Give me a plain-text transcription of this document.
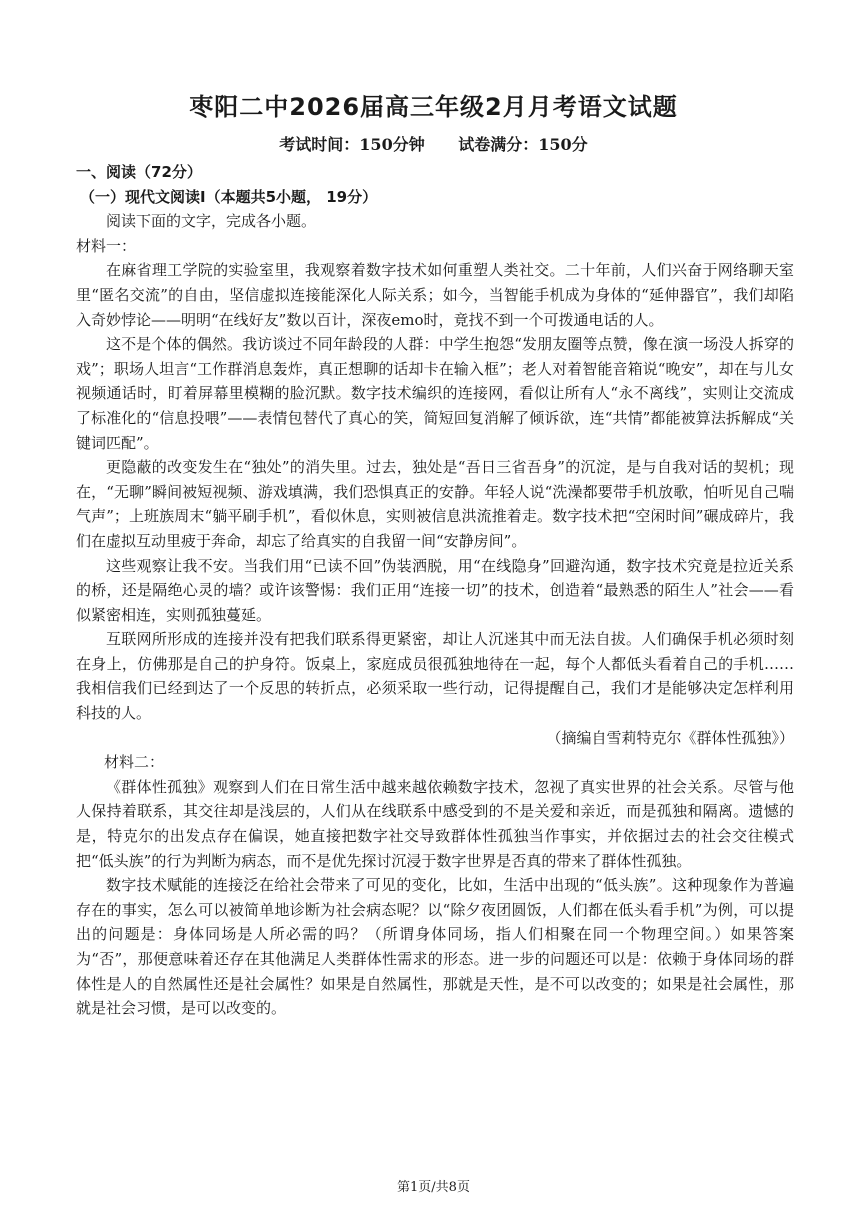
枣阳二中2026届高三年级2月月考语文试题
考试时间：150分钟 试卷满分：150分
一、阅读（72分）
（一）现代文阅读Ⅰ（本题共5小题， 19分）
阅读下面的文字，完成各小题。
材料一：

在麻省理工学院的实验室里，我观察着数字技术如何重塑人类社交。二十年前，人们兴奋于网络聊天室里“匿名交流”的自由，坚信虚拟连接能深化人际关系；如今，当智能手机成为身体的“延伸器官”，我们却陷入奇妙悖论——明明“在线好友”数以百计，深夜emo时，竟找不到一个可拨通电话的人。

这不是个体的偶然。我访谈过不同年龄段的人群：中学生抱怨“发朋友圈等点赞，像在演一场没人拆穿的戏”；职场人坦言“工作群消息轰炸，真正想聊的话却卡在输入框”；老人对着智能音箱说“晚安”，却在与儿女视频通话时，盯着屏幕里模糊的脸沉默。数字技术编织的连接网，看似让所有人“永不离线”，实则让交流成了标准化的“信息投喂”——表情包替代了真心的笑，简短回复消解了倾诉欲，连“共情”都能被算法拆解成“关键词匹配”。

更隐蔽的改变发生在“独处”的消失里。过去，独处是“吾日三省吾身”的沉淀，是与自我对话的契机；现在，“无聊”瞬间被短视频、游戏填满，我们恐惧真正的安静。年轻人说“洗澡都要带手机放歌，怕听见自己喘气声”；上班族周末“躺平刷手机”，看似休息，实则被信息洪流推着走。数字技术把“空闲时间”碾成碎片，我们在虚拟互动里疲于奔命，却忘了给真实的自我留一间“安静房间”。

这些观察让我不安。当我们用“已读不回”伪装洒脱，用“在线隐身”回避沟通，数字技术究竟是拉近关系的桥，还是隔绝心灵的墙？或许该警惕：我们正用“连接一切”的技术，创造着“最熟悉的陌生人”社会——看似紧密相连，实则孤独蔓延。

互联网所形成的连接并没有把我们联系得更紧密，却让人沉迷其中而无法自拔。人们确保手机必须时刻在身上，仿佛那是自己的护身符。饭桌上，家庭成员很孤独地待在一起，每个人都低头看着自己的手机……我相信我们已经到达了一个反思的转折点，必须采取一些行动，记得提醒自己，我们才是能够决定怎样利用科技的人。

（摘编自雪莉特克尔《群体性孤独》）

材料二：

《群体性孤独》观察到人们在日常生活中越来越依赖数字技术，忽视了真实世界的社会关系。尽管与他人保持着联系，其交往却是浅层的，人们从在线联系中感受到的不是关爱和亲近，而是孤独和隔离。遗憾的是，特克尔的出发点存在偏误，她直接把数字社交导致群体性孤独当作事实，并依据过去的社会交往模式把“低头族”的行为判断为病态，而不是优先探讨沉浸于数字世界是否真的带来了群体性孤独。

数字技术赋能的连接泛在给社会带来了可见的变化，比如，生活中出现的“低头族”。这种现象作为普遍存在的事实，怎么可以被简单地诊断为社会病态呢？以“除夕夜团圆饭，人们都在低头看手机”为例，可以提出的问题是：身体同场是人所必需的吗？（所谓身体同场，指人们相聚在同一个物理空间。）如果答案为“否”，那便意味着还存在其他满足人类群体性需求的形态。进一步的问题还可以是：依赖于身体同场的群体性是人的自然属性还是社会属性？如果是自然属性，那就是天性，是不可以改变的；如果是社会属性，那就是社会习惯，是可以改变的。

第1页/共8页
